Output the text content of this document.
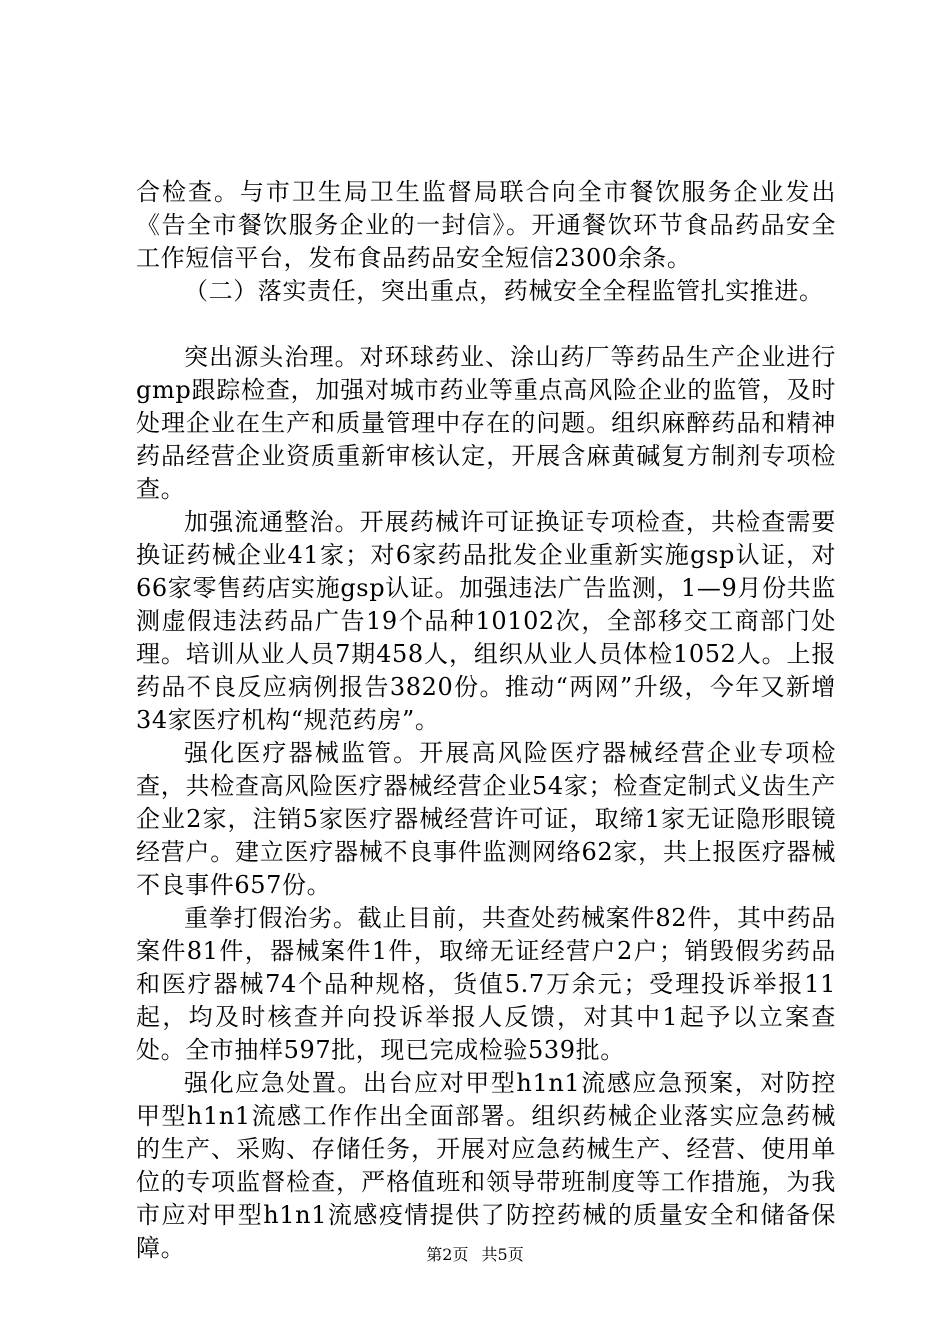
合检查。与市卫生局卫生监督局联合向全市餐饮服务企业发出《告全市餐饮服务企业的一封信》。开通餐饮环节食品药品安全工作短信平台，发布食品药品安全短信2300余条。

（二）落实责任，突出重点，药械安全全程监管扎实推进。

突出源头治理。对环球药业、涂山药厂等药品生产企业进行gmp跟踪检查，加强对城市药业等重点高风险企业的监管，及时处理企业在生产和质量管理中存在的问题。组织麻醉药品和精神药品经营企业资质重新审核认定，开展含麻黄碱复方制剂专项检查。

加强流通整治。开展药械许可证换证专项检查，共检查需要换证药械企业41家；对6家药品批发企业重新实施gsp认证，对66家零售药店实施gsp认证。加强违法广告监测，1—9月份共监测虚假违法药品广告19个品种10102次，全部移交工商部门处理。培训从业人员7期458人，组织从业人员体检1052人。上报药品不良反应病例报告3820份。推动“两网”升级，今年又新增34家医疗机构“规范药房”。

强化医疗器械监管。开展高风险医疗器械经营企业专项检查，共检查高风险医疗器械经营企业54家；检查定制式义齿生产企业2家，注销5家医疗器械经营许可证，取缔1家无证隐形眼镜经营户。建立医疗器械不良事件监测网络62家，共上报医疗器械不良事件657份。

重拳打假治劣。截止目前，共查处药械案件82件，其中药品案件81件，器械案件1件，取缔无证经营户2户；销毁假劣药品和医疗器械74个品种规格，货值5.7万余元；受理投诉举报11起，均及时核查并向投诉举报人反馈，对其中1起予以立案查处。全市抽样597批，现已完成检验539批。

强化应急处置。出台应对甲型h1n1流感应急预案，对防控甲型h1n1流感工作作出全面部署。组织药械企业落实应急药械的生产、采购、存储任务，开展对应急药械生产、经营、使用单位的专项监督检查，严格值班和领导带班制度等工作措施，为我市应对甲型h1n1流感疫情提供了防控药械的质量安全和储备保障。	第2页 共5页
